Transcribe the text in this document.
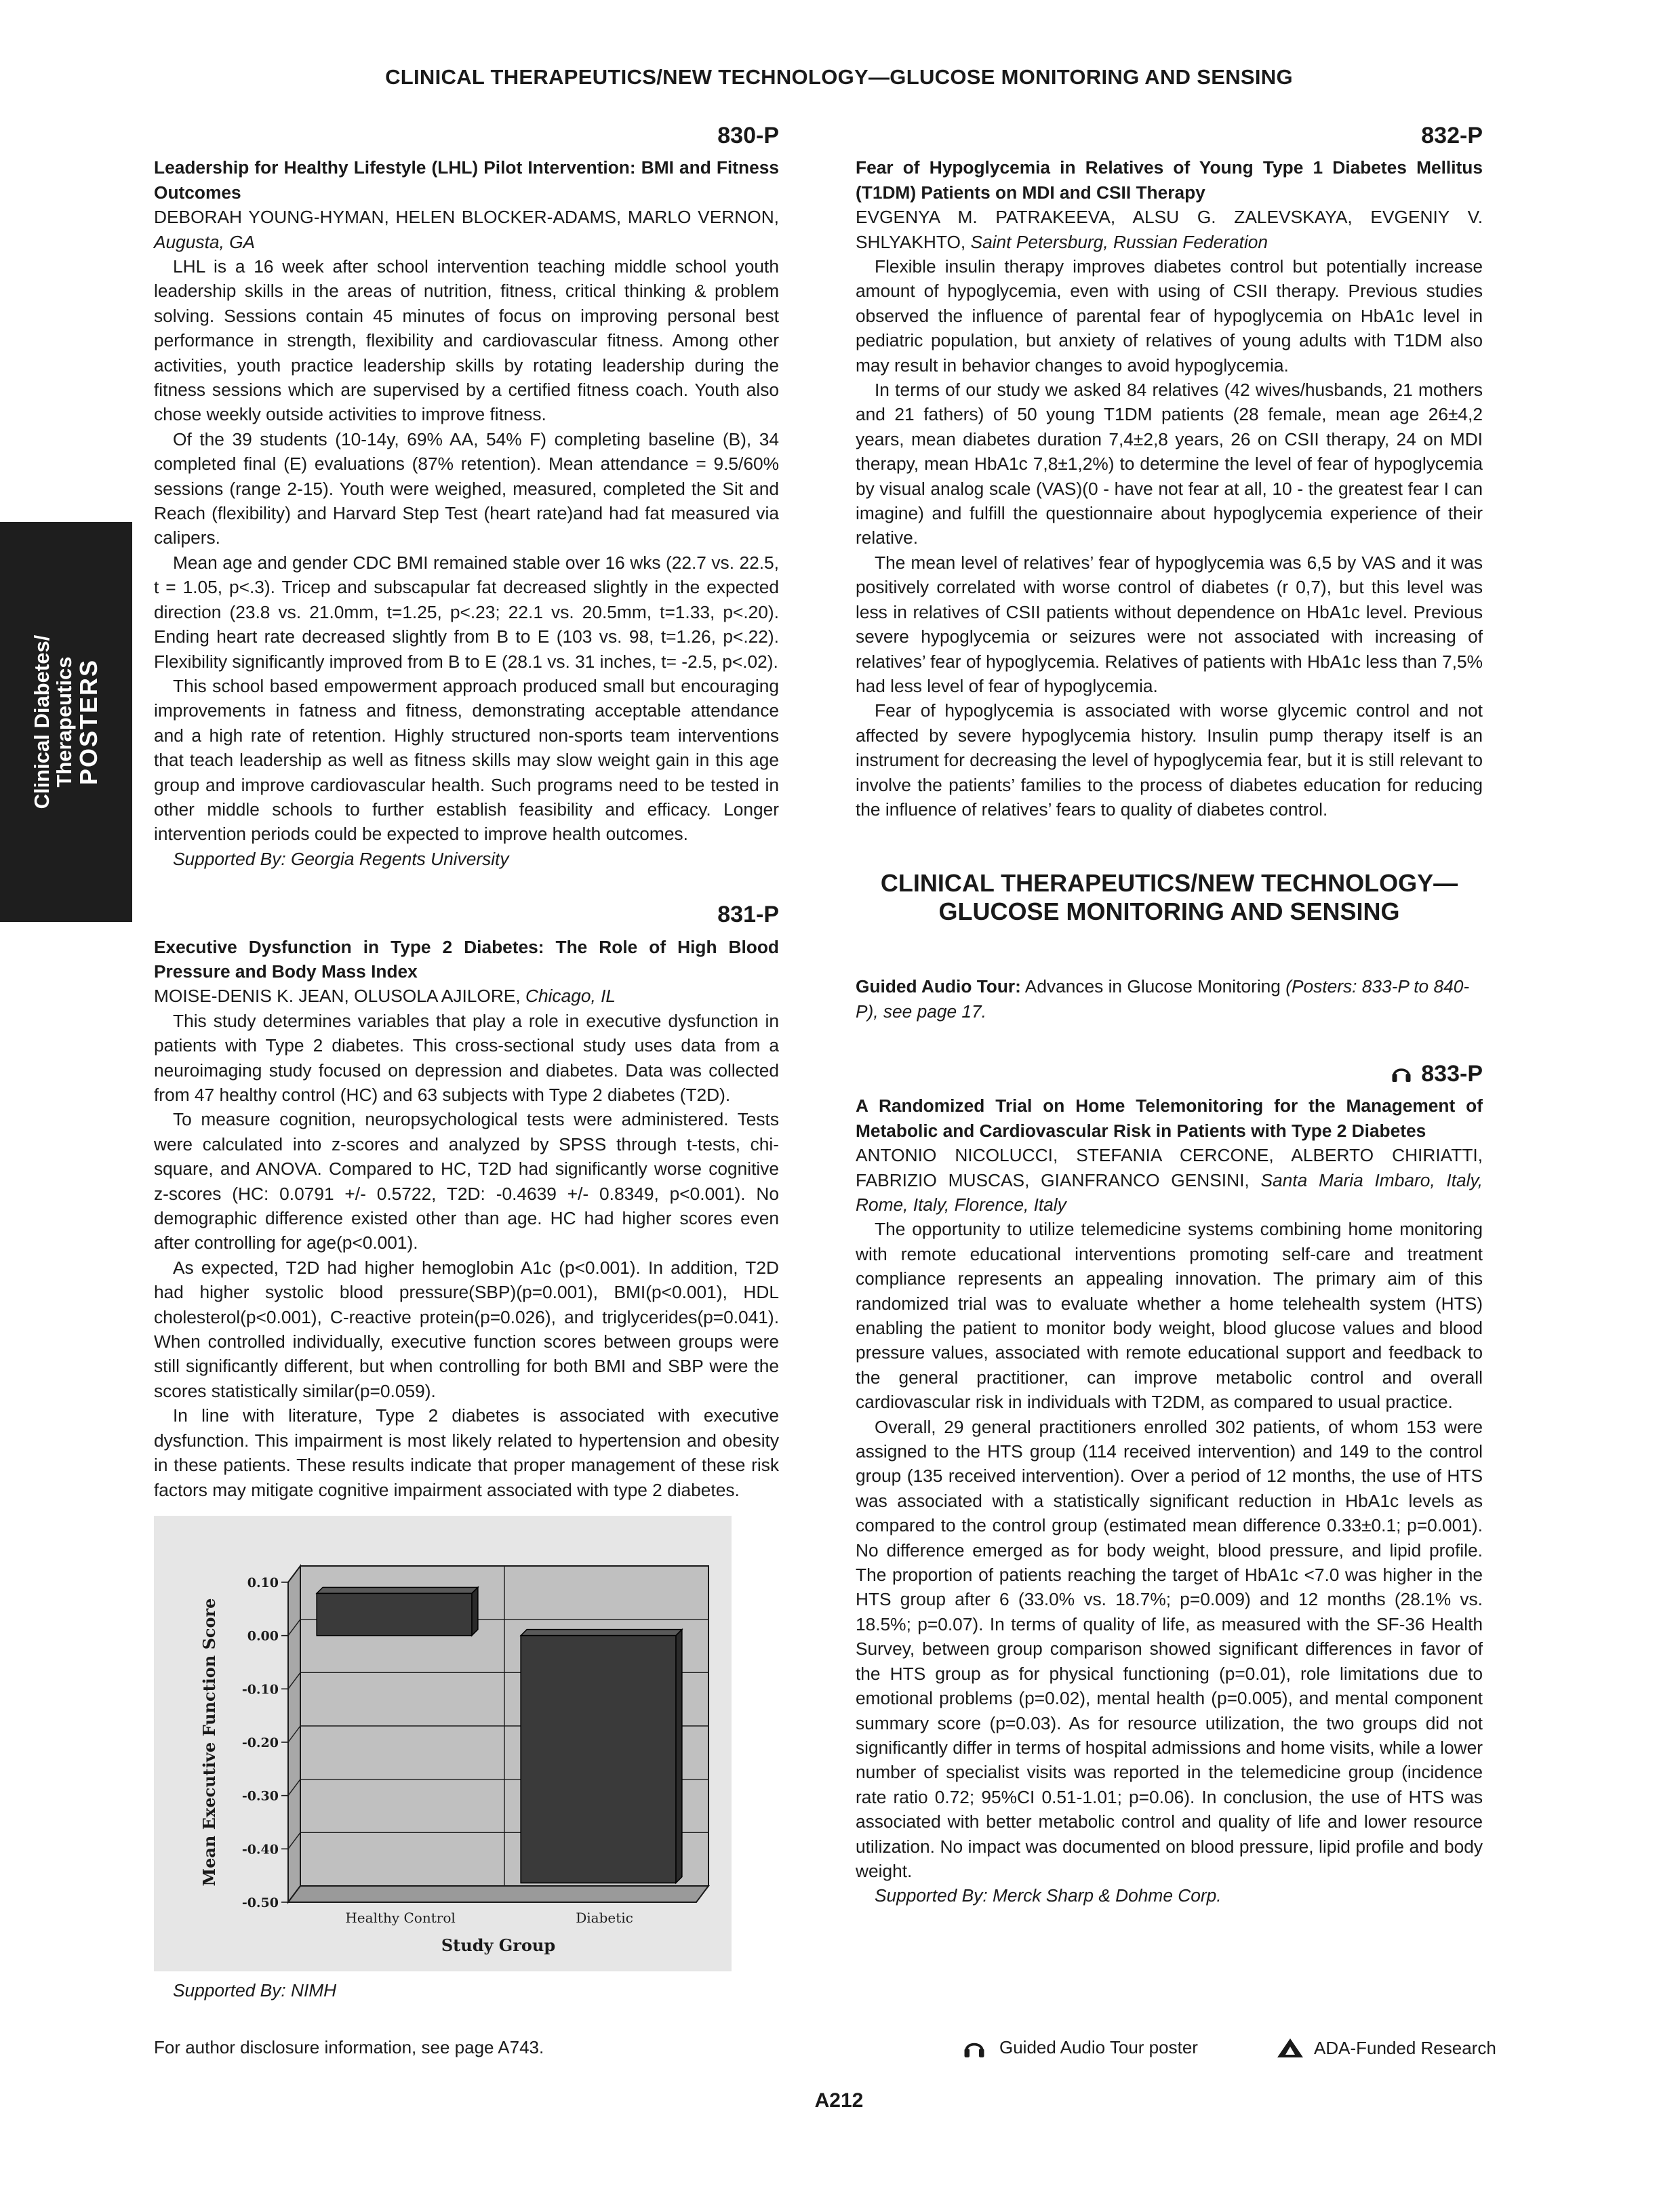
CLINICAL THERAPEUTICS/NEW TECHNOLOGY—GLUCOSE MONITORING AND SENSING
Clinical Diabetes/
Therapeutics
POSTERS
830-P
Leadership for Healthy Lifestyle (LHL) Pilot Intervention: BMI and Fitness Outcomes
DEBORAH YOUNG-HYMAN, HELEN BLOCKER-ADAMS, MARLO VERNON, Augusta, GA

LHL is a 16 week after school intervention teaching middle school youth leadership skills in the areas of nutrition, fitness, critical thinking & problem solving. Sessions contain 45 minutes of focus on improving personal best performance in strength, flexibility and cardiovascular fitness. Among other activities, youth practice leadership skills by rotating leadership during the fitness sessions which are supervised by a certified fitness coach. Youth also chose weekly outside activities to improve fitness.

Of the 39 students (10-14y, 69% AA, 54% F) completing baseline (B), 34 completed final (E) evaluations (87% retention). Mean attendance = 9.5/60% sessions (range 2-15). Youth were weighed, measured, completed the Sit and Reach (flexibility) and Harvard Step Test (heart rate)and had fat measured via calipers.

Mean age and gender CDC BMI remained stable over 16 wks (22.7 vs. 22.5, t = 1.05, p<.3). Tricep and subscapular fat decreased slightly in the expected direction (23.8 vs. 21.0mm, t=1.25, p<.23; 22.1 vs. 20.5mm, t=1.33, p<.20). Ending heart rate decreased slightly from B to E (103 vs. 98, t=1.26, p<.22). Flexibility significantly improved from B to E (28.1 vs. 31 inches, t= -2.5, p<.02).

This school based empowerment approach produced small but encouraging improvements in fatness and fitness, demonstrating acceptable attendance and a high rate of retention. Highly structured non-sports team interventions that teach leadership as well as fitness skills may slow weight gain in this age group and improve cardiovascular health. Such programs need to be tested in other middle schools to further establish feasibility and efficacy. Longer intervention periods could be expected to improve health outcomes.

Supported By: Georgia Regents University
831-P
Executive Dysfunction in Type 2 Diabetes: The Role of High Blood Pressure and Body Mass Index
MOISE-DENIS K. JEAN, OLUSOLA AJILORE, Chicago, IL

This study determines variables that play a role in executive dysfunction in patients with Type 2 diabetes. This cross-sectional study uses data from a neuroimaging study focused on depression and diabetes. Data was collected from 47 healthy control (HC) and 63 subjects with Type 2 diabetes (T2D).

To measure cognition, neuropsychological tests were administered. Tests were calculated into z-scores and analyzed by SPSS through t-tests, chi-square, and ANOVA. Compared to HC, T2D had significantly worse cognitive z-scores (HC: 0.0791 +/- 0.5722, T2D: -0.4639 +/- 0.8349, p<0.001). No demographic difference existed other than age. HC had higher scores even after controlling for age(p<0.001).

As expected, T2D had higher hemoglobin A1c (p<0.001). In addition, T2D had higher systolic blood pressure(SBP)(p=0.001), BMI(p<0.001), HDL cholesterol(p<0.001), C-reactive protein(p=0.026), and triglycerides(p=0.041). When controlled individually, executive function scores between groups were still significantly different, but when controlling for both BMI and SBP were the scores statistically similar(p=0.059).

In line with literature, Type 2 diabetes is associated with executive dysfunction. This impairment is most likely related to hypertension and obesity in these patients. These results indicate that proper management of these risk factors may mitigate cognitive impairment associated with type 2 diabetes.

0.10
0.00
-0.10
-0.20
-0.30
-0.40
-0.50
Healthy Control	Diabetic
Study Group
Mean Executive Function Score
Supported By: NIMH
832-P
Fear of Hypoglycemia in Relatives of Young Type 1 Diabetes Mellitus (T1DM) Patients on MDI and CSII Therapy
EVGENYA M. PATRAKEEVA, ALSU G. ZALEVSKAYA, EVGENIY V. SHLYAKHTO, Saint Petersburg, Russian Federation

Flexible insulin therapy improves diabetes control but potentially increase amount of hypoglycemia, even with using of CSII therapy. Previous studies observed the influence of parental fear of hypoglycemia on HbA1c level in pediatric population, but anxiety of relatives of young adults with T1DM also may result in behavior changes to avoid hypoglycemia.

In terms of our study we asked 84 relatives (42 wives/husbands, 21 mothers and 21 fathers) of 50 young T1DM patients (28 female, mean age 26±4,2 years, mean diabetes duration 7,4±2,8 years, 26 on CSII therapy, 24 on MDI therapy, mean HbA1c 7,8±1,2%) to determine the level of fear of hypoglycemia by visual analog scale (VAS)(0 - have not fear at all, 10 - the greatest fear I can imagine) and fulfill the questionnaire about hypoglycemia experience of their relative.

The mean level of relatives’ fear of hypoglycemia was 6,5 by VAS and it was positively correlated with worse control of diabetes (r 0,7), but this level was less in relatives of CSII patients without dependence on HbA1c level. Previous severe hypoglycemia or seizures were not associated with increasing of relatives’ fear of hypoglycemia. Relatives of patients with HbA1c less than 7,5% had less level of fear of hypoglycemia.

Fear of hypoglycemia is associated with worse glycemic control and not affected by severe hypoglycemia history. Insulin pump therapy itself is an instrument for decreasing the level of hypoglycemia fear, but it is still relevant to involve the patients’ families to the process of diabetes education for reducing the influence of relatives’ fears to quality of diabetes control.

CLINICAL THERAPEUTICS/NEW TECHNOLOGY—
GLUCOSE MONITORING AND SENSING
Guided Audio Tour: Advances in Glucose Monitoring (Posters: 833-P to 840-P), see page 17.
833-P
A Randomized Trial on Home Telemonitoring for the Management of Metabolic and Cardiovascular Risk in Patients with Type 2 Diabetes
ANTONIO NICOLUCCI, STEFANIA CERCONE, ALBERTO CHIRIATTI, FABRIZIO MUSCAS, GIANFRANCO GENSINI, Santa Maria Imbaro, Italy, Rome, Italy, Florence, Italy

The opportunity to utilize telemedicine systems combining home monitoring with remote educational interventions promoting self-care and treatment compliance represents an appealing innovation. The primary aim of this randomized trial was to evaluate whether a home telehealth system (HTS) enabling the patient to monitor body weight, blood glucose values and blood pressure values, associated with remote educational support and feedback to the general practitioner, can improve metabolic control and overall cardiovascular risk in individuals with T2DM, as compared to usual practice.

Overall, 29 general practitioners enrolled 302 patients, of whom 153 were assigned to the HTS group (114 received intervention) and 149 to the control group (135 received intervention). Over a period of 12 months, the use of HTS was associated with a statistically significant reduction in HbA1c levels as compared to the control group (estimated mean difference 0.33±0.1; p=0.001). No difference emerged as for body weight, blood pressure, and lipid profile. The proportion of patients reaching the target of HbA1c <7.0 was higher in the HTS group after 6 (33.0% vs. 18.7%; p=0.009) and 12 months (28.1% vs. 18.5%; p=0.07). In terms of quality of life, as measured with the SF-36 Health Survey, between group comparison showed significant differences in favor of the HTS group as for physical functioning (p=0.01), role limitations due to emotional problems (p=0.02), mental health (p=0.005), and mental component summary score (p=0.03). As for resource utilization, the two groups did not significantly differ in terms of hospital admissions and home visits, while a lower number of specialist visits was reported in the telemedicine group (incidence rate ratio 0.72; 95%CI 0.51-1.01; p=0.06). In conclusion, the use of HTS was associated with better metabolic control and quality of life and lower resource utilization. No impact was documented on blood pressure, lipid profile and body weight.

Supported By: Merck Sharp & Dohme Corp.
For author disclosure information, see page A743.	Guided Audio Tour poster	ADA-Funded Research
A212
